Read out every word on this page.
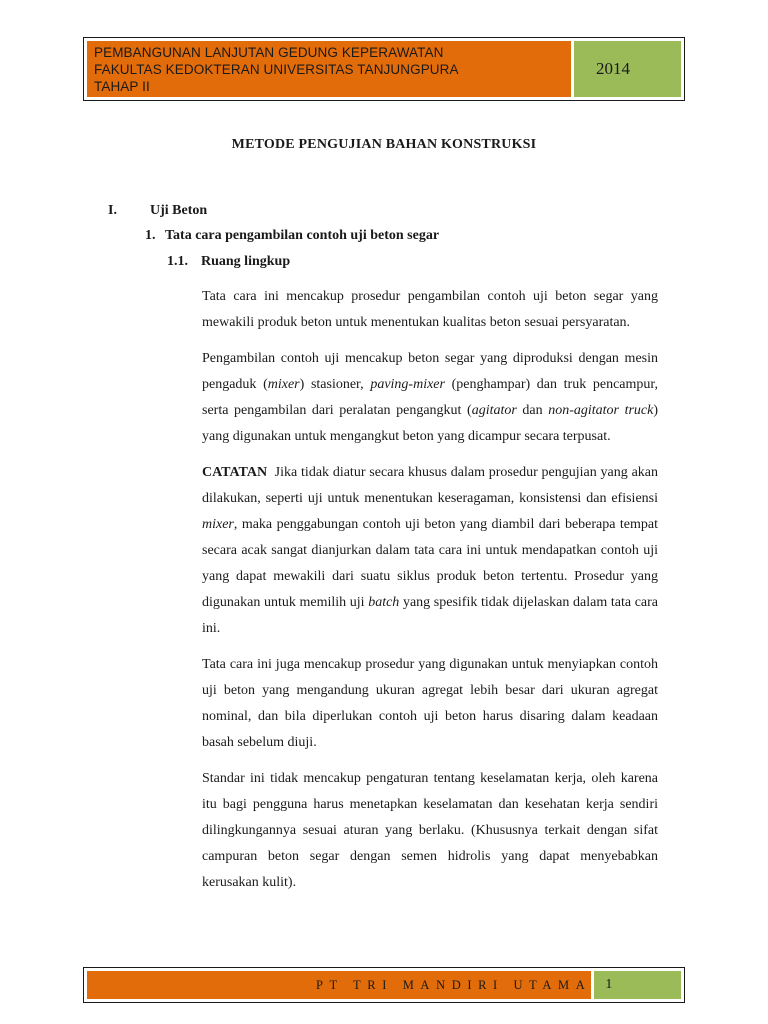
PEMBANGUNAN LANJUTAN GEDUNG KEPERAWATAN
FAKULTAS KEDOKTERAN UNIVERSITAS TANJUNGPURA
TAHAP II
2014
METODE PENGUJIAN BAHAN KONSTRUKSI
I. Uji Beton
1. Tata cara pengambilan contoh uji beton segar
1.1. Ruang lingkup

Tata cara ini mencakup prosedur pengambilan contoh uji beton segar yang mewakili produk beton untuk menentukan kualitas beton sesuai persyaratan.

Pengambilan contoh uji mencakup beton segar yang diproduksi dengan mesin pengaduk (mixer) stasioner, paving-mixer (penghampar) dan truk pencampur, serta pengambilan dari peralatan pengangkut (agitator dan non-agitator truck) yang digunakan untuk mengangkut beton yang dicampur secara terpusat.

CATATAN  Jika tidak diatur secara khusus dalam prosedur pengujian yang akan dilakukan, seperti uji untuk menentukan keseragaman, konsistensi dan efisiensi mixer, maka penggabungan contoh uji beton yang diambil dari beberapa tempat secara acak sangat dianjurkan dalam tata cara ini untuk mendapatkan contoh uji yang dapat mewakili dari suatu siklus produk beton tertentu. Prosedur yang digunakan untuk memilih uji batch yang spesifik tidak dijelaskan dalam tata cara ini.

Tata cara ini juga mencakup prosedur yang digunakan untuk menyiapkan contoh uji beton yang mengandung ukuran agregat lebih besar dari ukuran agregat nominal, dan bila diperlukan contoh uji beton harus disaring dalam keadaan basah sebelum diuji.

Standar ini tidak mencakup pengaturan tentang keselamatan kerja, oleh karena itu bagi pengguna harus menetapkan keselamatan dan kesehatan kerja sendiri dilingkungannya sesuai aturan yang berlaku. (Khususnya terkait dengan sifat campuran beton segar dengan semen hidrolis yang dapat menyebabkan kerusakan kulit).

PT TRI MANDIRI UTAMA	1
